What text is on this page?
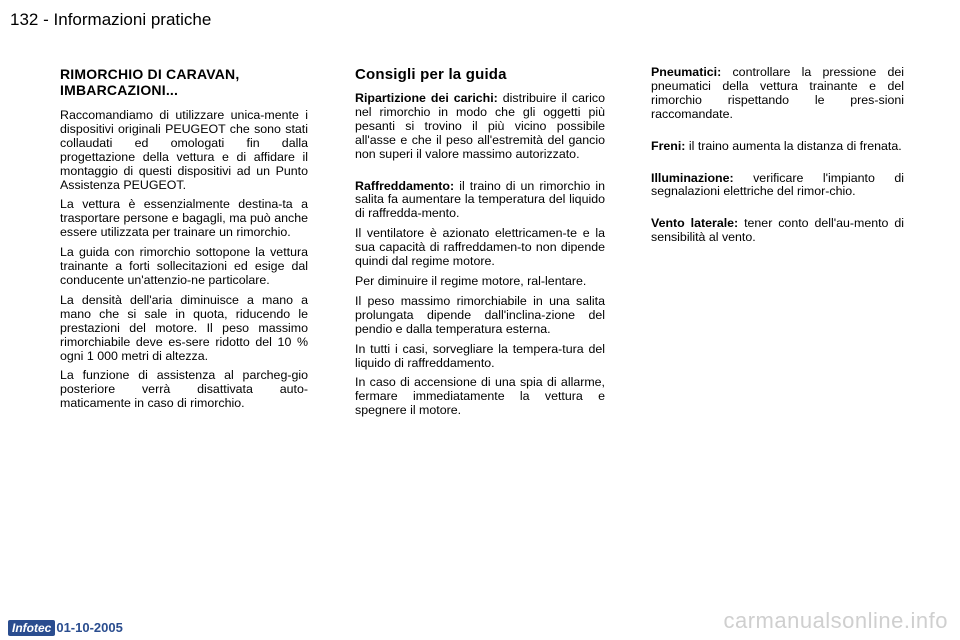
132 - Informazioni pratiche
RIMORCHIO DI CARAVAN,
IMBARCAZIONI...

Raccomandiamo di utilizzare unica-mente i dispositivi originali PEUGEOT che sono stati collaudati ed omologati fin dalla progettazione della vettura e di affidare il montaggio di questi dispositivi ad un Punto Assistenza PEUGEOT.

La vettura è essenzialmente destina-ta a trasportare persone e bagagli, ma può anche essere utilizzata per trainare un rimorchio.

La guida con rimorchio sottopone la vettura trainante a forti sollecitazioni ed esige dal conducente un'attenzio-ne particolare.

La densità dell'aria diminuisce a mano a mano che si sale in quota, riducendo le prestazioni del motore. Il peso massimo rimorchiabile deve es-sere ridotto del 10 % ogni 1 000 metri di altezza.

La funzione di assistenza al parcheg-gio posteriore verrà disattivata auto-maticamente in caso di rimorchio.

Consigli per la guida

Ripartizione dei carichi: distribuire il carico nel rimorchio in modo che gli oggetti più pesanti si trovino il più vicino possibile all'asse e che il peso all'estremità del gancio non superi il valore massimo autorizzato.

Raffreddamento: il traino di un rimorchio in salita fa aumentare la temperatura del liquido di raffredda-mento.

Il ventilatore è azionato elettricamen-te e la sua capacità di raffreddamen-to non dipende quindi dal regime motore.

Per diminuire il regime motore, ral-lentare.

Il peso massimo rimorchiabile in una salita prolungata dipende dall'inclina-zione del pendio e dalla temperatura esterna.

In tutti i casi, sorvegliare la tempera-tura del liquido di raffreddamento.

In caso di accensione di una spia di allarme, fermare immediatamente la vettura e spegnere il motore.

Pneumatici: controllare la pressione dei pneumatici della vettura trainante e del rimorchio rispettando le pres-sioni raccomandate.

Freni: il traino aumenta la distanza di frenata.

Illuminazione: verificare l'impianto di segnalazioni elettriche del rimor-chio.

Vento laterale: tener conto dell'au-mento di sensibilità al vento.

Infotec 01-10-2005	carmanualsonline.info
